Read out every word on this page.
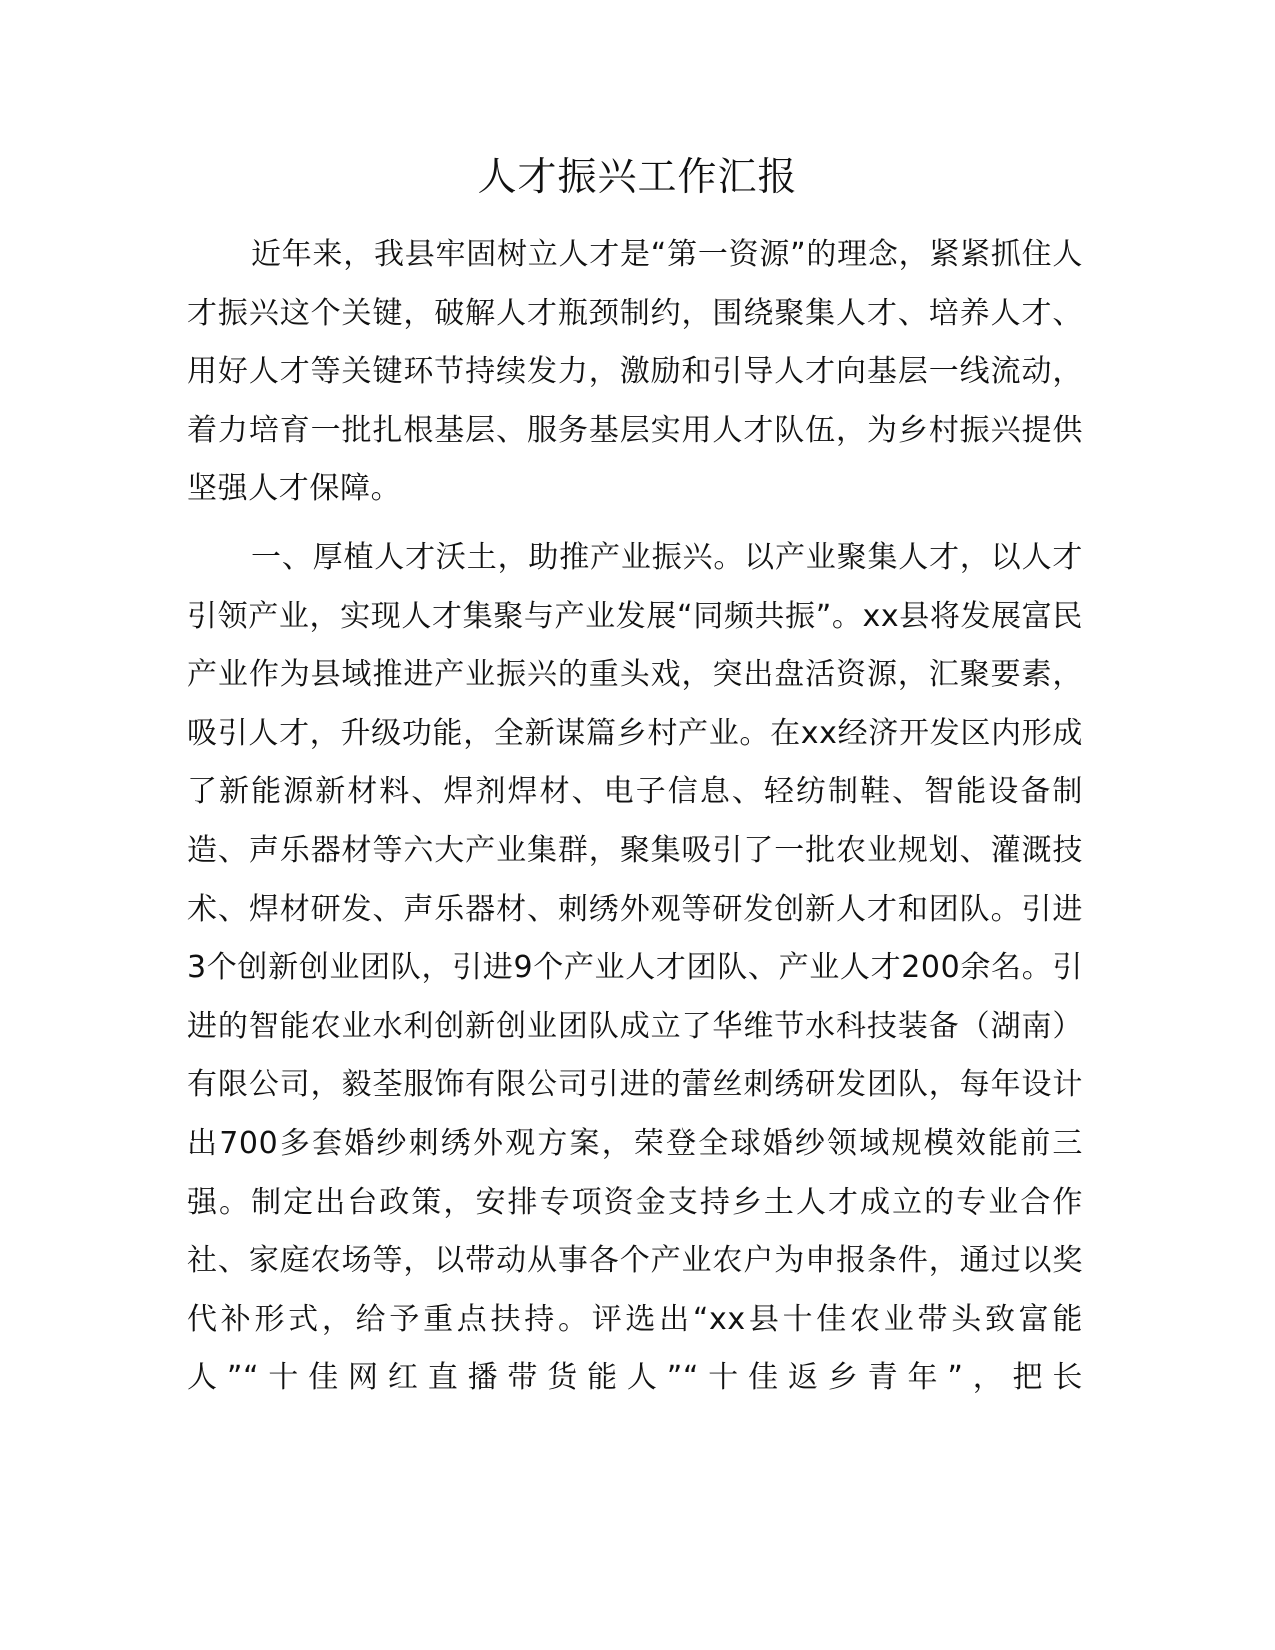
人才振兴工作汇报

近年来，我县牢固树立人才是“第一资源”的理念，紧紧抓住人才振兴这个关键，破解人才瓶颈制约，围绕聚集人才、培养人才、用好人才等关键环节持续发力，激励和引导人才向基层一线流动，着力培育一批扎根基层、服务基层实用人才队伍，为乡村振兴提供坚强人才保障。

一、厚植人才沃土，助推产业振兴。以产业聚集人才，以人才引领产业，实现人才集聚与产业发展“同频共振”。xx县将发展富民产业作为县域推进产业振兴的重头戏，突出盘活资源，汇聚要素，吸引人才，升级功能，全新谋篇乡村产业。在xx经济开发区内形成了新能源新材料、焊剂焊材、电子信息、轻纺制鞋、智能设备制造、声乐器材等六大产业集群，聚集吸引了一批农业规划、灌溉技术、焊材研发、声乐器材、刺绣外观等研发创新人才和团队。引进3个创新创业团队，引进9个产业人才团队、产业人才200余名。引进的智能农业水利创新创业团队成立了华维节水科技装备（湖南）有限公司，毅荃服饰有限公司引进的蕾丝刺绣研发团队，每年设计出700多套婚纱刺绣外观方案，荣登全球婚纱领域规模效能前三强。制定出台政策，安排专项资金支持乡土人才成立的专业合作社、家庭农场等，以带动从事各个产业农户为申报条件，通过以奖代补形式，给予重点扶持。评选出“xx县十佳农业带头致富能人”“十佳网红直播带货能人”“十佳返乡青年”，把长
